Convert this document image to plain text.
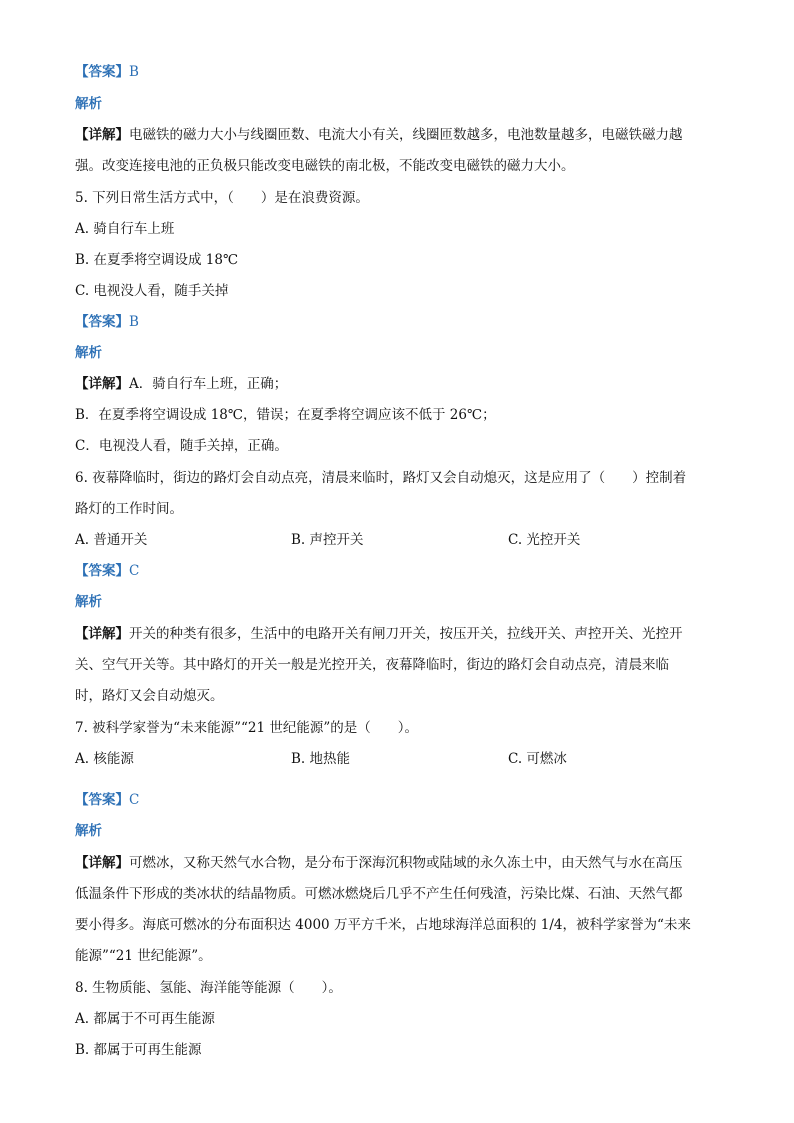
【答案】B
解析
【详解】电磁铁的磁力大小与线圈匝数、电流大小有关，线圈匝数越多，电池数量越多，电磁铁磁力越
强。改变连接电池的正负极只能改变电磁铁的南北极，不能改变电磁铁的磁力大小。
5. 下列日常生活方式中，（　　）是在浪费资源。
A. 骑自行车上班
B. 在夏季将空调设成 18℃
C. 电视没人看，随手关掉
【答案】B
解析
【详解】A．骑自行车上班，正确；
B．在夏季将空调设成 18℃，错误；在夏季将空调应该不低于 26℃；
C．电视没人看，随手关掉，正确。
6. 夜幕降临时，街边的路灯会自动点亮，清晨来临时，路灯又会自动熄灭，这是应用了（　　）控制着
路灯的工作时间。
A. 普通开关	B. 声控开关	C. 光控开关
【答案】C
解析
【详解】开关的种类有很多，生活中的电路开关有闸刀开关，按压开关，拉线开关、声控开关、光控开
关、空气开关等。其中路灯的开关一般是光控开关，夜幕降临时，街边的路灯会自动点亮，清晨来临
时，路灯又会自动熄灭。
7. 被科学家誉为“未来能源”“21 世纪能源”的是（　　）。
A. 核能源	B. 地热能	C. 可燃冰
【答案】C
解析
【详解】可燃冰，又称天然气水合物，是分布于深海沉积物或陆域的永久冻土中，由天然气与水在高压
低温条件下形成的类冰状的结晶物质。可燃冰燃烧后几乎不产生任何残渣，污染比煤、石油、天然气都
要小得多。海底可燃冰的分布面积达 4000 万平方千米，占地球海洋总面积的 1/4，被科学家誉为“未来
能源”“21 世纪能源”。
8. 生物质能、氢能、海洋能等能源（　　）。
A. 都属于不可再生能源
B. 都属于可再生能源
